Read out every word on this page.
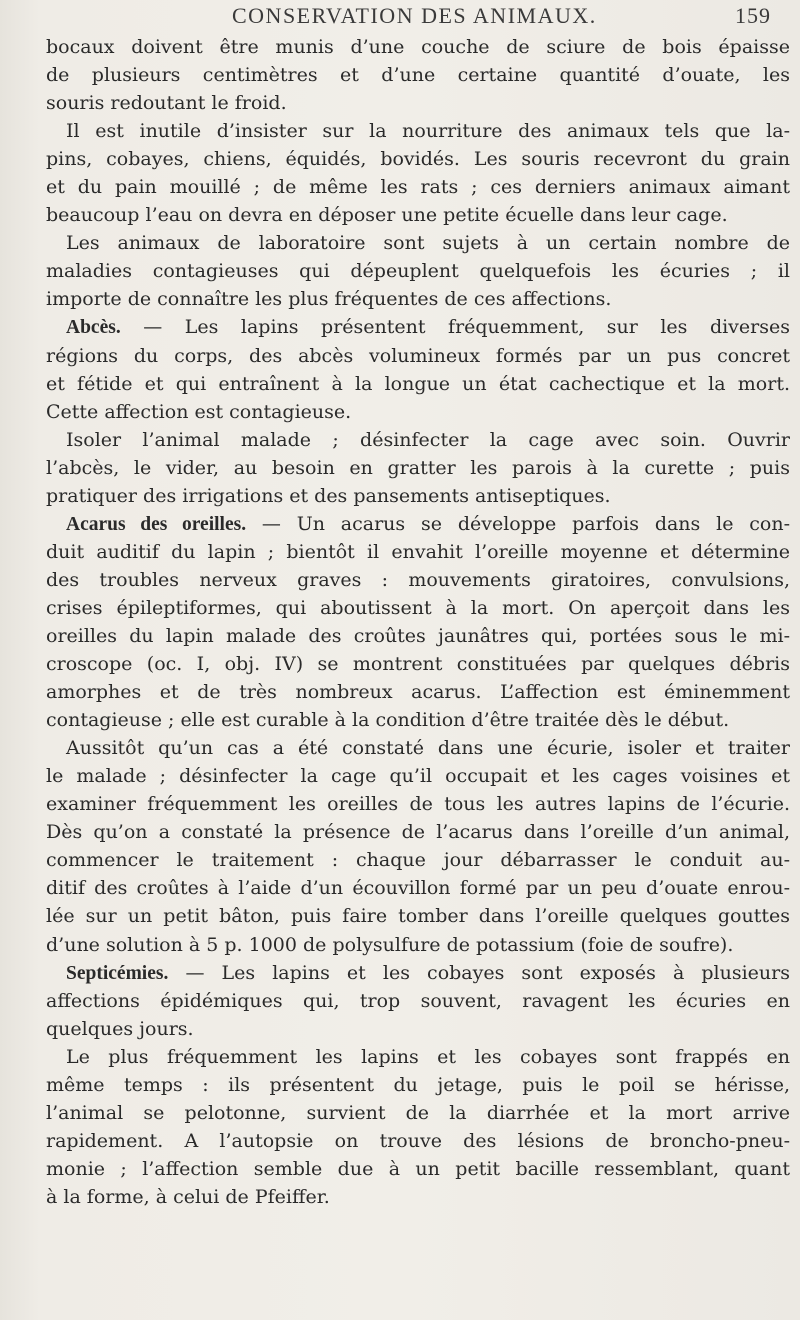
CONSERVATION DES ANIMAUX.	159
bocaux doivent être munis d’une couche de sciure de bois épaisse
de plusieurs centimètres et d’une certaine quantité d’ouate, les
souris redoutant le froid.
Il est inutile d’insister sur la nourriture des animaux tels que la-
pins, cobayes, chiens, équidés, bovidés. Les souris recevront du grain
et du pain mouillé ; de même les rats ; ces derniers animaux aimant
beaucoup l’eau on devra en déposer une petite écuelle dans leur cage.
Les animaux de laboratoire sont sujets à un certain nombre de
maladies contagieuses qui dépeuplent quelquefois les écuries ; il
importe de connaître les plus fréquentes de ces affections.
Abcès. — Les lapins présentent fréquemment, sur les diverses
régions du corps, des abcès volumineux formés par un pus concret
et fétide et qui entraînent à la longue un état cachectique et la mort.
Cette affection est contagieuse.
Isoler l’animal malade ; désinfecter la cage avec soin. Ouvrir
l’abcès, le vider, au besoin en gratter les parois à la curette ; puis
pratiquer des irrigations et des pansements antiseptiques.
Acarus des oreilles. — Un acarus se développe parfois dans le con-
duit auditif du lapin ; bientôt il envahit l’oreille moyenne et détermine
des troubles nerveux graves : mouvements giratoires, convulsions,
crises épileptiformes, qui aboutissent à la mort. On aperçoit dans les
oreilles du lapin malade des croûtes jaunâtres qui, portées sous le mi-
croscope (oc. I, obj. IV) se montrent constituées par quelques débris
amorphes et de très nombreux acarus. L’affection est éminemment
contagieuse ; elle est curable à la condition d’être traitée dès le début.
Aussitôt qu’un cas a été constaté dans une écurie, isoler et traiter
le malade ; désinfecter la cage qu’il occupait et les cages voisines et
examiner fréquemment les oreilles de tous les autres lapins de l’écurie.
Dès qu’on a constaté la présence de l’acarus dans l’oreille d’un animal,
commencer le traitement : chaque jour débarrasser le conduit au-
ditif des croûtes à l’aide d’un écouvillon formé par un peu d’ouate enrou-
lée sur un petit bâton, puis faire tomber dans l’oreille quelques gouttes
d’une solution à 5 p. 1000 de polysulfure de potassium (foie de soufre).
Septicémies. — Les lapins et les cobayes sont exposés à plusieurs
affections épidémiques qui, trop souvent, ravagent les écuries en
quelques jours.
Le plus fréquemment les lapins et les cobayes sont frappés en
même temps : ils présentent du jetage, puis le poil se hérisse,
l’animal se pelotonne, survient de la diarrhée et la mort arrive
rapidement. A l’autopsie on trouve des lésions de broncho-pneu-
monie ; l’affection semble due à un petit bacille ressemblant, quant
à la forme, à celui de Pfeiffer.
